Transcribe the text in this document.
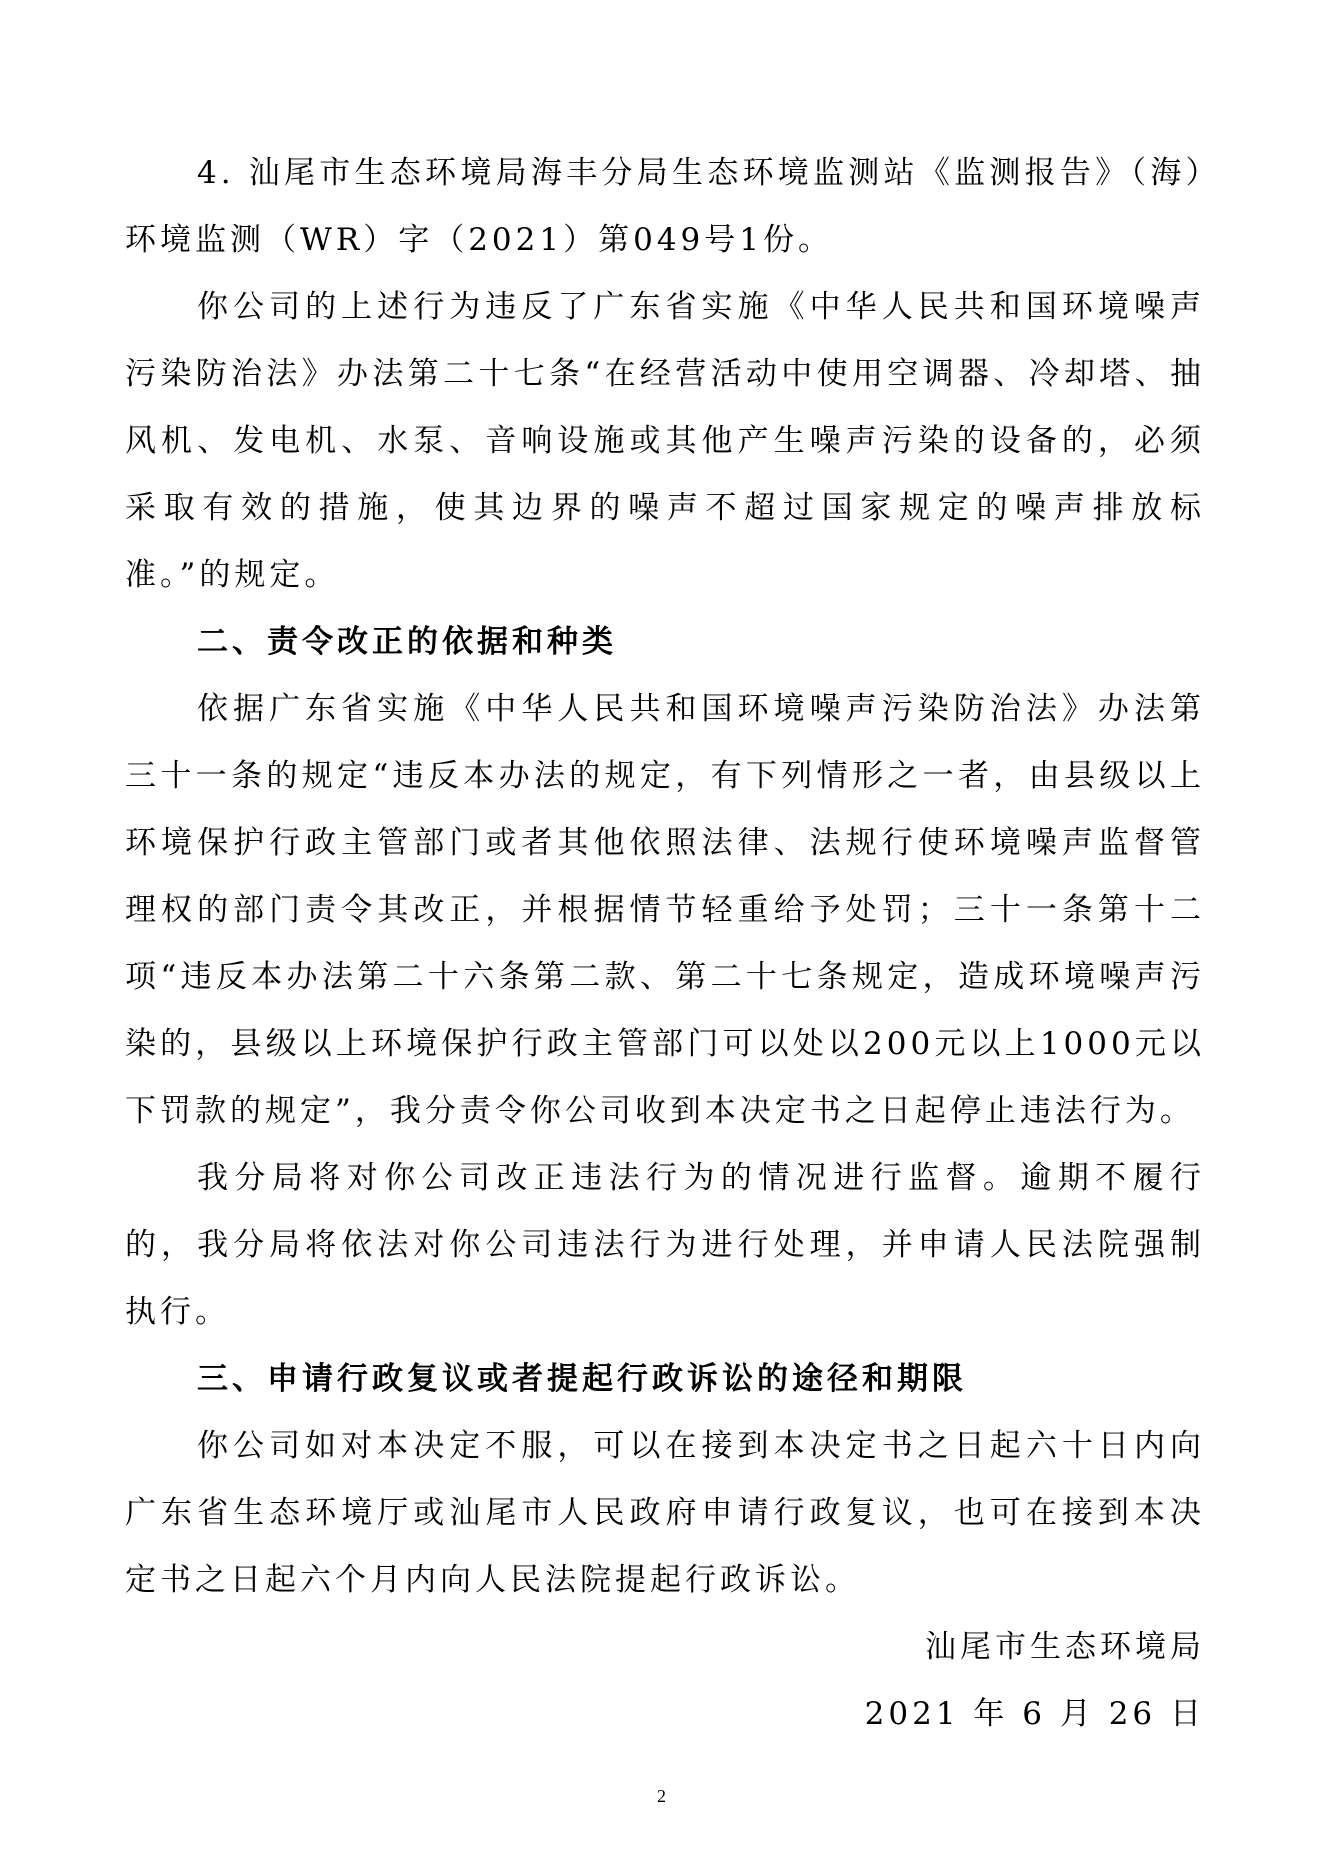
4. 汕尾市生态环境局海丰分局生态环境监测站《监测报告》（海）环境监测（WR）字（2021）第049号1份。

你公司的上述行为违反了广东省实施《中华人民共和国环境噪声污染防治法》办法第二十七条“在经营活动中使用空调器、冷却塔、抽风机、发电机、水泵、音响设施或其他产生噪声污染的设备的，必须采取有效的措施，使其边界的噪声不超过国家规定的噪声排放标准。”的规定。

二、责令改正的依据和种类

依据广东省实施《中华人民共和国环境噪声污染防治法》办法第三十一条的规定“违反本办法的规定，有下列情形之一者，由县级以上环境保护行政主管部门或者其他依照法律、法规行使环境噪声监督管理权的部门责令其改正，并根据情节轻重给予处罚；三十一条第十二项“违反本办法第二十六条第二款、第二十七条规定，造成环境噪声污染的，县级以上环境保护行政主管部门可以处以200元以上1000元以下罚款的规定”，我分责令你公司收到本决定书之日起停止违法行为。

我分局将对你公司改正违法行为的情况进行监督。逾期不履行的，我分局将依法对你公司违法行为进行处理，并申请人民法院强制执行。

三、申请行政复议或者提起行政诉讼的途径和期限

你公司如对本决定不服，可以在接到本决定书之日起六十日内向广东省生态环境厅或汕尾市人民政府申请行政复议，也可在接到本决定书之日起六个月内向人民法院提起行政诉讼。

汕尾市生态环境局

2021 年 6 月 26 日

2
